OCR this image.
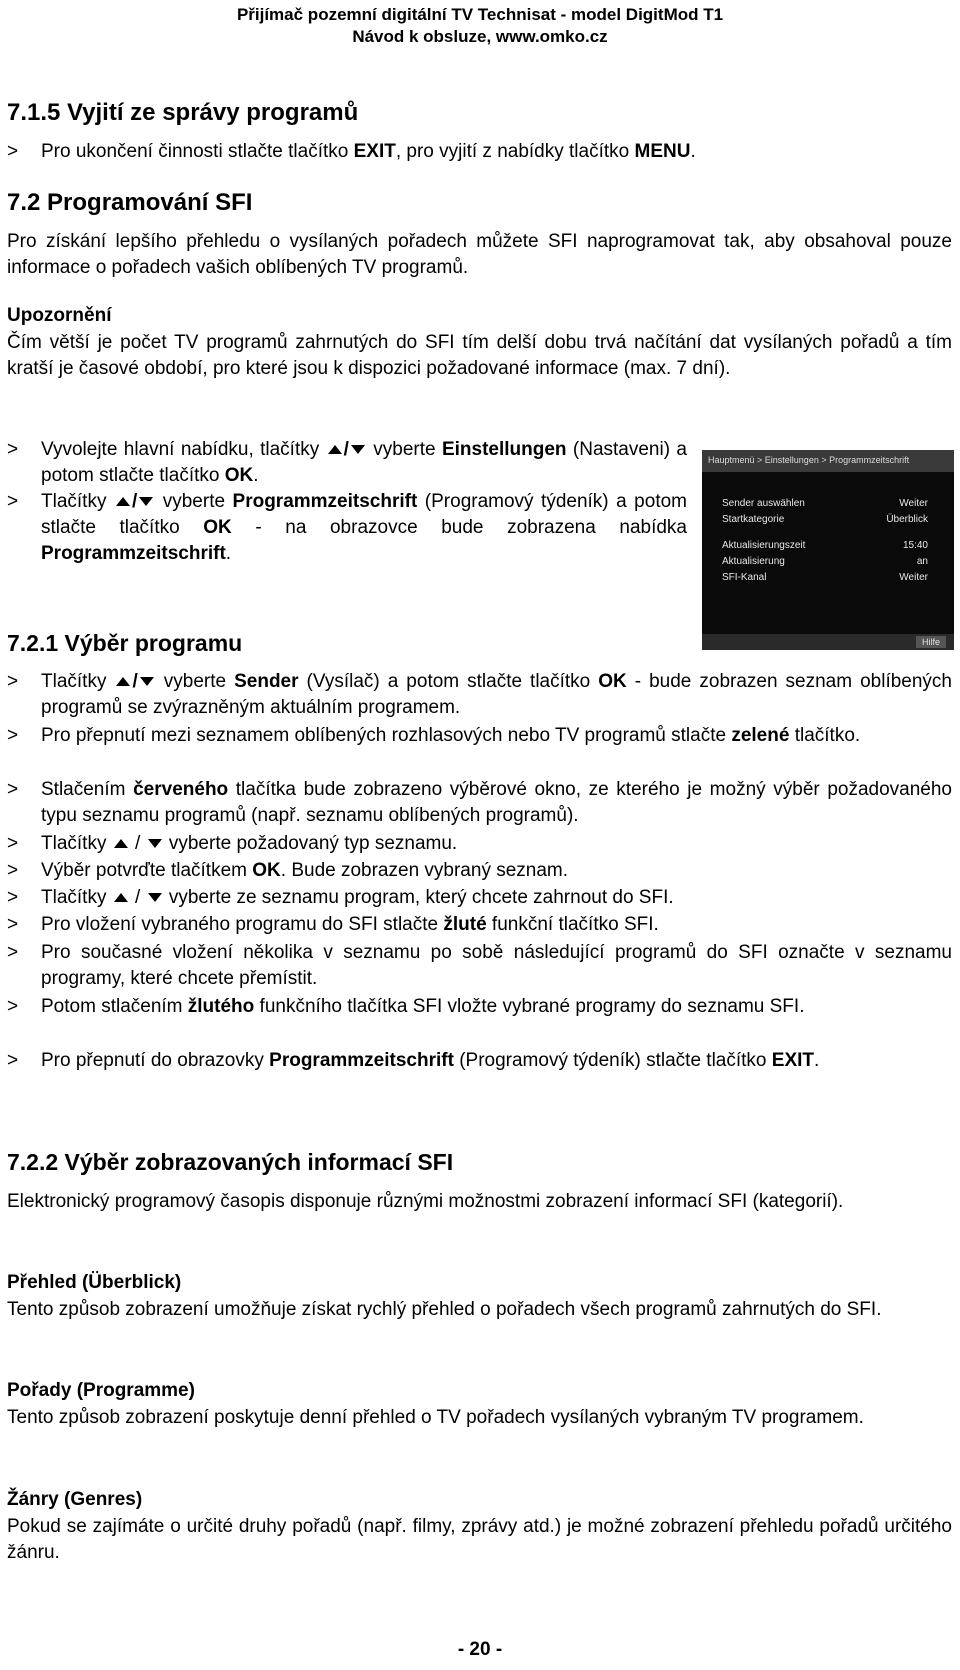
Přijímač pozemní digitální TV Technisat - model DigitMod T1
Návod k obsluze, www.omko.cz
7.1.5 Vyjití ze správy programů
>	Pro ukončení činnosti stlačte tlačítko EXIT, pro vyjití z nabídky tlačítko MENU.
7.2 Programování SFI
Pro získání lepšího přehledu o vysílaných pořadech můžete SFI naprogramovat tak, aby obsahoval pouze informace o pořadech vašich oblíbených TV programů.
Upozornění
Čím větší je počet TV programů zahrnutých do SFI tím delší dobu trvá načítání dat vysílaných pořadů a tím kratší je časové období, pro které jsou k dispozici požadované informace (max. 7 dní).
>	Vyvolejte hlavní nabídku, tlačítky / vyberte Einstellungen (Nastaveni) a potom stlačte tlačítko OK.
>	Tlačítky / vyberte Programmzeitschrift (Programový týdeník) a potom stlačte tlačítko OK - na obrazovce bude zobrazena nabídka Programmzeitschrift.
Hauptmenü > Einstellungen > Programmzeitschrift
Sender auswählen	Weiter
Startkategorie	Überblick
Aktualisierungszeit	15:40
Aktualisierung	an
SFI-Kanal	Weiter
Hilfe
7.2.1 Výběr programu
>	Tlačítky / vyberte Sender (Vysílač) a potom stlačte tlačítko OK - bude zobrazen seznam oblíbených programů se zvýrazněným aktuálním programem.
>	Pro přepnutí mezi seznamem oblíbených rozhlasových nebo TV programů stlačte zelené tlačítko.
>	Stlačením červeného tlačítka bude zobrazeno výběrové okno, ze kterého je možný výběr požadovaného typu seznamu programů (např. seznamu oblíbených programů).
>	Tlačítky  /  vyberte požadovaný typ seznamu.
>	Výběr potvrďte tlačítkem OK. Bude zobrazen vybraný seznam.
>	Tlačítky  /  vyberte ze seznamu program, který chcete zahrnout do SFI.
>	Pro vložení vybraného programu do SFI stlačte žluté funkční tlačítko SFI.
>	Pro současné vložení několika v seznamu po sobě následující programů do SFI označte v seznamu programy, které chcete přemístit.
>	Potom stlačením žlutého funkčního tlačítka SFI vložte vybrané programy do seznamu SFI.
>	Pro přepnutí do obrazovky Programmzeitschrift (Programový týdeník) stlačte tlačítko EXIT.
7.2.2 Výběr zobrazovaných informací SFI
Elektronický programový časopis disponuje různými možnostmi zobrazení informací SFI (kategorií).
Přehled (Überblick)
Tento způsob zobrazení umožňuje získat rychlý přehled o pořadech všech programů zahrnutých do SFI.
Pořady (Programme)
Tento způsob zobrazení poskytuje denní přehled o TV pořadech vysílaných vybraným TV programem.
Žánry (Genres)
Pokud se zajímáte o určité druhy pořadů (např. filmy, zprávy atd.) je možné zobrazení přehledu pořadů určitého žánru.
- 20 -
